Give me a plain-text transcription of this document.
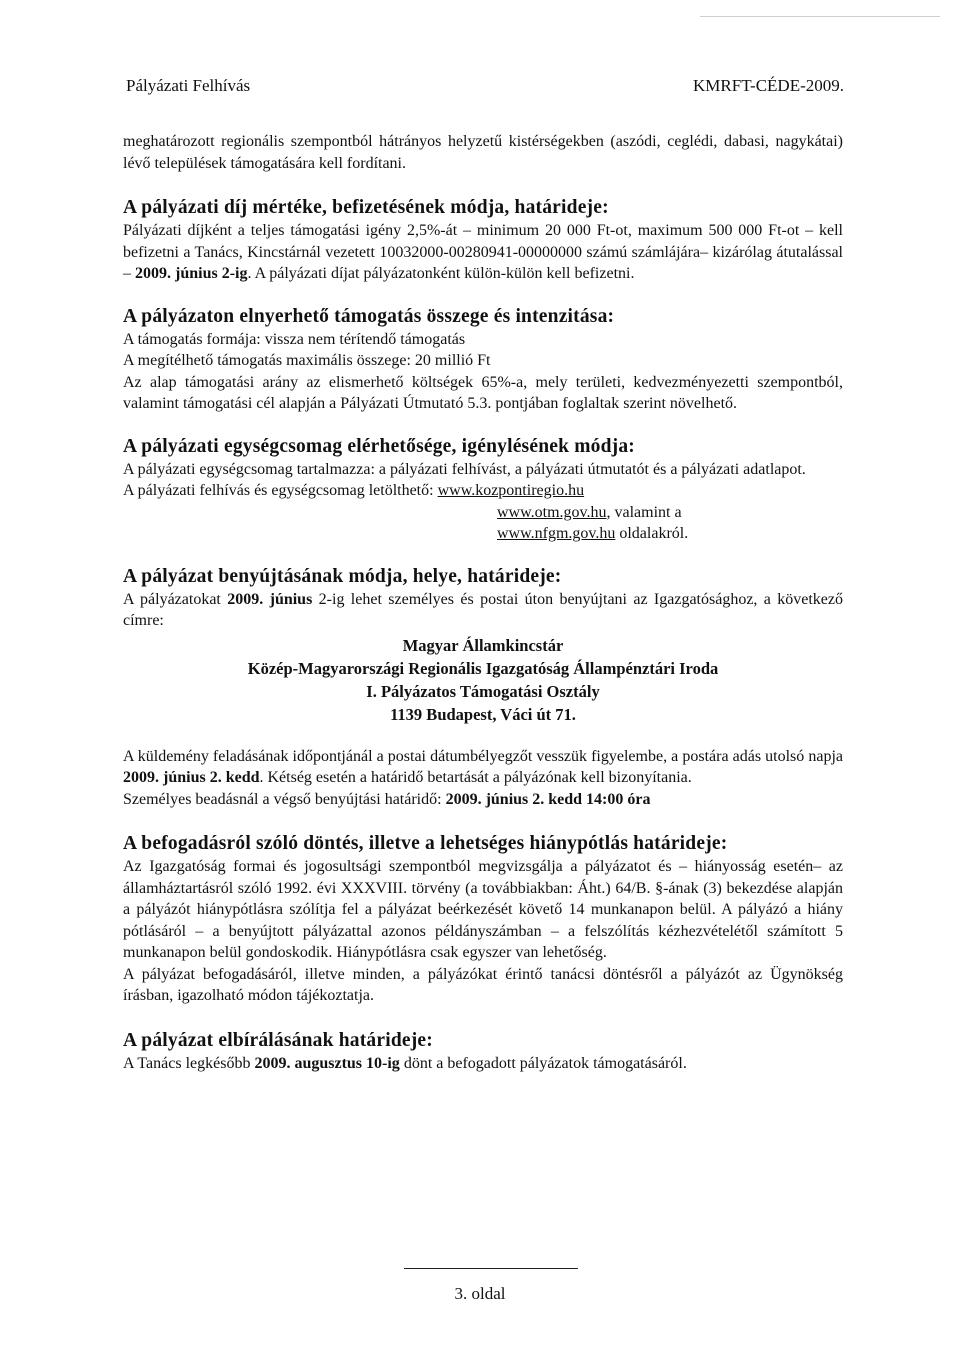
Pályázati Felhívás	KMRFT-CÉDE-2009.

meghatározott regionális szempontból hátrányos helyzetű kistérségekben (aszódi, ceglédi, dabasi, nagykátai) lévő települések támogatására kell fordítani.

A pályázati díj mértéke, befizetésének módja, határideje:

Pályázati díjként a teljes támogatási igény 2,5%-át – minimum 20 000 Ft-ot, maximum 500 000 Ft-ot – kell befizetni a Tanács, Kincstárnál vezetett 10032000-00280941-00000000 számú számlájára– kizárólag átutalással – 2009. június 2-ig. A pályázati díjat pályázatonként külön-külön kell befizetni.

A pályázaton elnyerhető támogatás összege és intenzitása:

A támogatás formája: vissza nem térítendő támogatás

A megítélhető támogatás maximális összege: 20 millió Ft

Az alap támogatási arány az elismerhető költségek 65%-a, mely területi, kedvezményezetti szempontból, valamint támogatási cél alapján a Pályázati Útmutató 5.3. pontjában foglaltak szerint növelhető.

A pályázati egységcsomag elérhetősége, igénylésének módja:

A pályázati egységcsomag tartalmazza: a pályázati felhívást, a pályázati útmutatót és a pályázati adatlapot.

A pályázati felhívás és egységcsomag letölthető: www.kozpontiregio.hu

www.otm.gov.hu, valamint a

www.nfgm.gov.hu oldalakról.

A pályázat benyújtásának módja, helye, határideje:

A pályázatokat 2009. június 2-ig lehet személyes és postai úton benyújtani az Igazgatósághoz, a következő címre:

Magyar Államkincstár
Közép-Magyarországi Regionális Igazgatóság Állampénztári Iroda
I. Pályázatos Támogatási Osztály
1139 Budapest, Váci út 71.

A küldemény feladásának időpontjánál a postai dátumbélyegzőt vesszük figyelembe, a postára adás utolsó napja 2009. június 2. kedd. Kétség esetén a határidő betartását a pályázónak kell bizonyítania.

Személyes beadásnál a végső benyújtási határidő: 2009. június 2. kedd 14:00 óra

A befogadásról szóló döntés, illetve a lehetséges hiánypótlás határideje:

Az Igazgatóság formai és jogosultsági szempontból megvizsgálja a pályázatot és – hiányosság esetén– az államháztartásról szóló 1992. évi XXXVIII. törvény (a továbbiakban: Áht.) 64/B. §-ának (3) bekezdése alapján a pályázót hiánypótlásra szólítja fel a pályázat beérkezését követő 14 munkanapon belül. A pályázó a hiány pótlásáról – a benyújtott pályázattal azonos példányszámban – a felszólítás kézhezvételétől számított 5 munkanapon belül gondoskodik. Hiánypótlásra csak egyszer van lehetőség.

A pályázat befogadásáról, illetve minden, a pályázókat érintő tanácsi döntésről a pályázót az Ügynökség írásban, igazolható módon tájékoztatja.

A pályázat elbírálásának határideje:

A Tanács legkésőbb 2009. augusztus 10-ig dönt a befogadott pályázatok támogatásáról.

3. oldal
